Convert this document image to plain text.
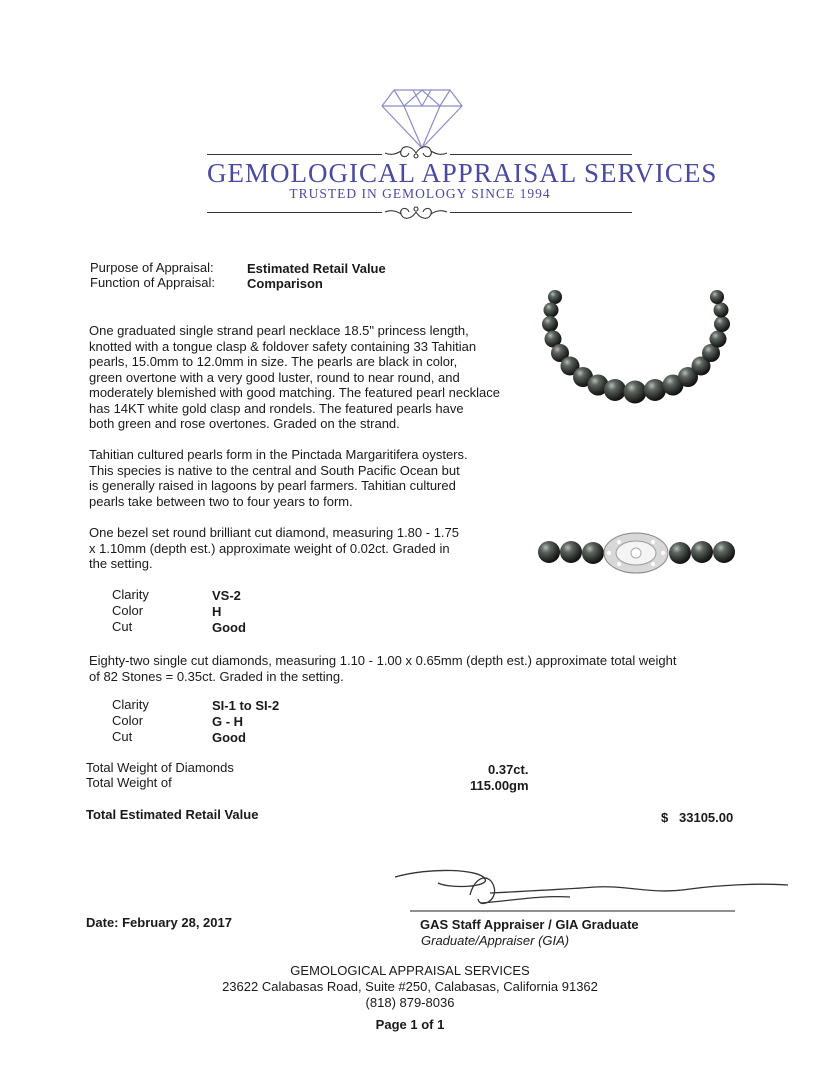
GEMOLOGICAL APPRAISAL SERVICES
TRUSTED IN GEMOLOGY SINCE 1994
Purpose of Appraisal:	Estimated Retail Value
Function of Appraisal: Comparison

One graduated single strand pearl necklace 18.5" princess length,

knotted with a tongue clasp & foldover safety containing 33 Tahitian

pearls, 15.0mm to 12.0mm in size. The pearls are black in color,

green overtone with a very good luster, round to near round, and

moderately blemished with good matching. The featured pearl necklace

has 14KT white gold clasp and rondels. The featured pearls have

both green and rose overtones. Graded on the strand.

Tahitian cultured pearls form in the Pinctada Margaritifera oysters.

This species is native to the central and South Pacific Ocean but

is generally raised in lagoons by pearl farmers. Tahitian cultured

pearls take between two to four years to form.

One bezel set round brilliant cut diamond, measuring 1.80 - 1.75

x 1.10mm (depth est.) approximate weight of 0.02ct. Graded in

the setting.

Clarity	VS-2
Color	H
Cut	Good

Eighty-two single cut diamonds, measuring 1.10 - 1.00 x 0.65mm (depth est.) approximate total weight

of 82 Stones = 0.35ct. Graded in the setting.

Clarity	SI-1 to SI-2
Color	G - H
Cut	Good
Total Weight of Diamonds	0.37ct.
Total Weight of	115.00gm
Total Estimated Retail Value	$ 33105.00
Date: February 28, 2017	GAS Staff Appraiser / GIA Graduate
Graduate/Appraiser (GIA)
GEMOLOGICAL APPRAISAL SERVICES
23622 Calabasas Road, Suite #250, Calabasas, California 91362
(818) 879-8036
Page 1 of 1
